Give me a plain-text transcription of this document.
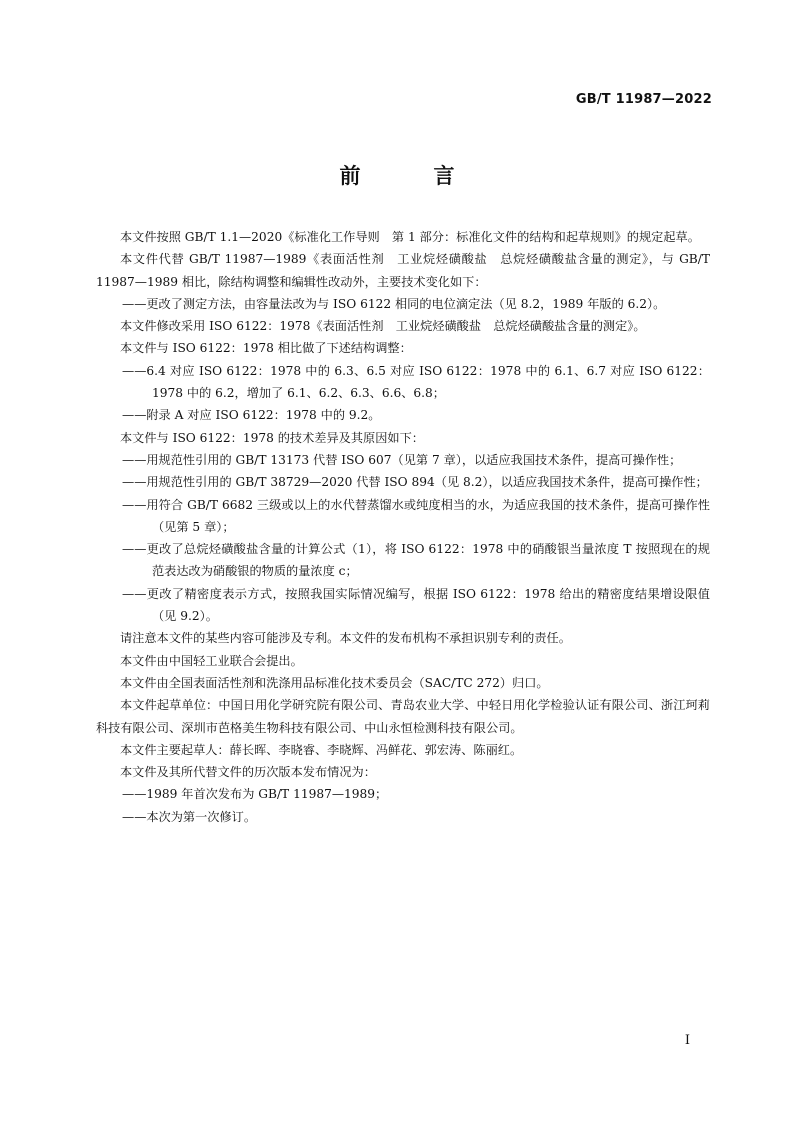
GB/T 11987—2022
前　言

本文件按照 GB/T 1.1—2020《标准化工作导则　第 1 部分：标准化文件的结构和起草规则》的规定起草。

本文件代替 GB/T 11987—1989《表面活性剂　工业烷烃磺酸盐　总烷烃磺酸盐含量的测定》，与 GB/T 11987—1989 相比，除结构调整和编辑性改动外，主要技术变化如下：

——更改了测定方法，由容量法改为与 ISO 6122 相同的电位滴定法（见 8.2，1989 年版的 6.2）。

本文件修改采用 ISO 6122：1978《表面活性剂　工业烷烃磺酸盐　总烷烃磺酸盐含量的测定》。

本文件与 ISO 6122：1978 相比做了下述结构调整：

——6.4 对应 ISO 6122：1978 中的 6.3、6.5 对应 ISO 6122：1978 中的 6.1、6.7 对应 ISO 6122：1978 中的 6.2，增加了 6.1、6.2、6.3、6.6、6.8；

——附录 A 对应 ISO 6122：1978 中的 9.2。

本文件与 ISO 6122：1978 的技术差异及其原因如下：

——用规范性引用的 GB/T 13173 代替 ISO 607（见第 7 章），以适应我国技术条件，提高可操作性；

——用规范性引用的 GB/T 38729—2020 代替 ISO 894（见 8.2），以适应我国技术条件，提高可操作性；

——用符合 GB/T 6682 三级或以上的水代替蒸馏水或纯度相当的水，为适应我国的技术条件，提高可操作性（见第 5 章）；

——更改了总烷烃磺酸盐含量的计算公式（1），将 ISO 6122：1978 中的硝酸银当量浓度 T 按照现在的规范表达改为硝酸银的物质的量浓度 c；

——更改了精密度表示方式，按照我国实际情况编写，根据 ISO 6122：1978 给出的精密度结果增设限值（见 9.2）。

请注意本文件的某些内容可能涉及专利。本文件的发布机构不承担识别专利的责任。

本文件由中国轻工业联合会提出。

本文件由全国表面活性剂和洗涤用品标准化技术委员会（SAC/TC 272）归口。

本文件起草单位：中国日用化学研究院有限公司、青岛农业大学、中轻日用化学检验认证有限公司、浙江珂莉科技有限公司、深圳市芭格美生物科技有限公司、中山永恒检测科技有限公司。

本文件主要起草人：薛长晖、李晓睿、李晓辉、冯鲜花、郭宏涛、陈丽红。

本文件及其所代替文件的历次版本发布情况为：

——1989 年首次发布为 GB/T 11987—1989；

——本次为第一次修订。

I
